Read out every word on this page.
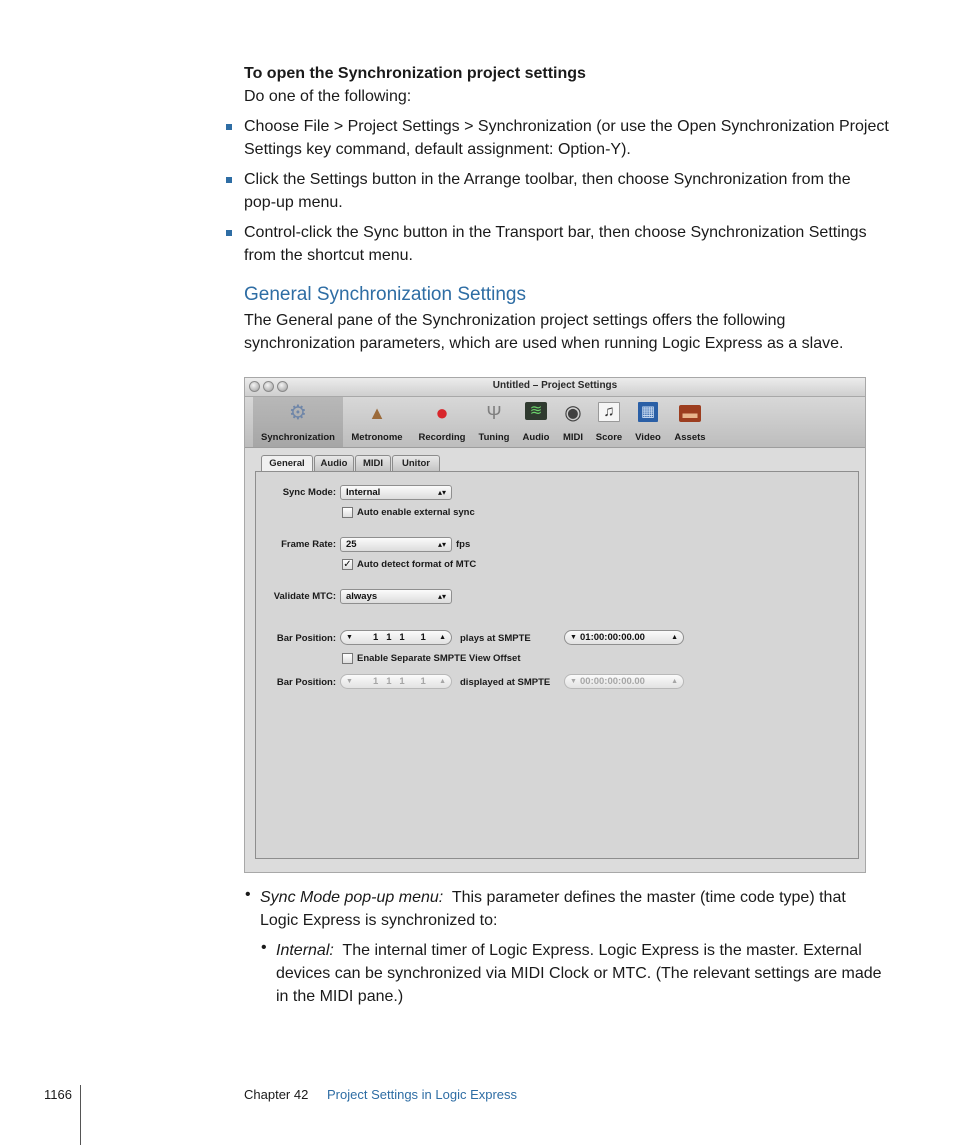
To open the Synchronization project settings
Do one of the following:
Choose File > Project Settings > Synchronization (or use the Open Synchronization Project
Settings key command, default assignment: Option-Y).
Click the Settings button in the Arrange toolbar, then choose Synchronization from the
pop-up menu.
Control-click the Sync button in the Transport bar, then choose Synchronization Settings
from the shortcut menu.
General Synchronization Settings
The General pane of the Synchronization project settings offers the following
synchronization parameters, which are used when running Logic Express as a slave.
Untitled – Project Settings
⚙
Synchronization
▲
Metronome
●
Recording
Ψ
Tuning
≋
Audio
◉
MIDI
♫
Score
▦
Video
▬
Assets
General	Audio	MIDI	Unitor
Sync Mode:	Internal	▴▾
Auto enable external sync
Frame Rate:	25	▴▾ fps
✓ Auto detect format of MTC
Validate MTC:	always	▴▾
Bar Position: ▼ 1   1   1      1 ▲ plays at SMPTE	▼ 01:00:00:00.00	▲
Enable Separate SMPTE View Offset
Bar Position: ▼ 1   1   1      1 ▲ displayed at SMPTE	▼ 00:00:00:00.00	▲
• Sync Mode pop-up menu: This parameter defines the master (time code type) that
Logic Express is synchronized to:
• Internal: The internal timer of Logic Express. Logic Express is the master. External
devices can be synchronized via MIDI Clock or MTC. (The relevant settings are made
in the MIDI pane.)
1166	Chapter 42 Project Settings in Logic Express
